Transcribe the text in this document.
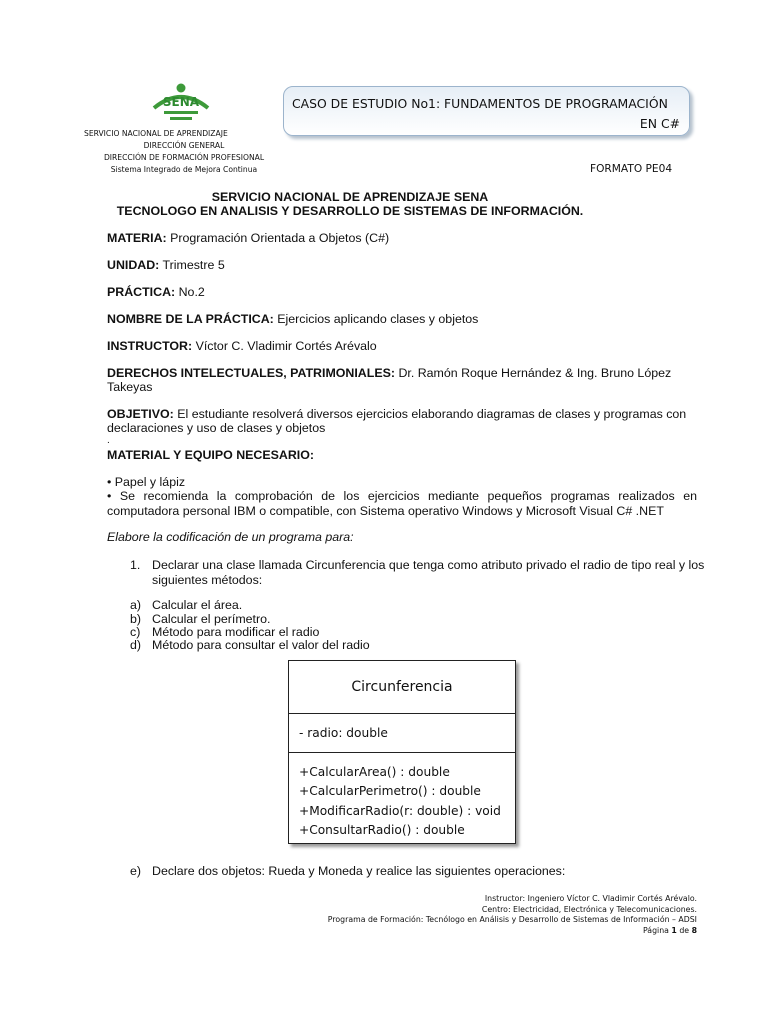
SENA
SERVICIO NACIONAL DE APRENDIZAJE
DIRECCIÓN GENERAL
DIRECCIÓN DE FORMACIÓN PROFESIONAL
Sistema Integrado de Mejora Continua
CASO DE ESTUDIO No1: FUNDAMENTOS DE PROGRAMACIÓN
EN C#
FORMATO PE04
SERVICIO NACIONAL DE APRENDIZAJE SENA
TECNOLOGO EN ANALISIS Y DESARROLLO DE SISTEMAS DE INFORMACIÓN.
MATERIA: Programación Orientada a Objetos (C#)
UNIDAD: Trimestre 5
PRÁCTICA: No.2
NOMBRE DE LA PRÁCTICA: Ejercicios aplicando clases y objetos
INSTRUCTOR: Víctor C. Vladimir Cortés Arévalo
DERECHOS INTELECTUALES, PATRIMONIALES: Dr. Ramón Roque Hernández & Ing. Bruno López
Takeyas
OBJETIVO: El estudiante resolverá diversos ejercicios elaborando diagramas de clases y programas con
declaraciones y uso de clases y objetos
.
MATERIAL Y EQUIPO NECESARIO:
• Papel y lápiz
• Se recomienda la comprobación de los ejercicios mediante pequeños programas realizados en computadora personal IBM o compatible, con Sistema operativo Windows y Microsoft Visual C# .NET
Elabore la codificación de un programa para:
1. Declarar una clase llamada Circunferencia que tenga como atributo privado el radio de tipo real y los siguientes métodos:
a) Calcular el área.
b) Calcular el perímetro.
c) Método para modificar el radio
d) Método para consultar el valor del radio
Circunferencia
- radio: double
+CalcularArea() : double
+CalcularPerimetro() : double
+ModificarRadio(r: double) : void
+ConsultarRadio() : double
e) Declare dos objetos: Rueda y Moneda y realice las siguientes operaciones:
Instructor: Ingeniero Víctor C. Vladimir Cortés Arévalo.
Centro: Electricidad, Electrónica y Telecomunicaciones.
Programa de Formación: Tecnólogo en Análisis y Desarrollo de Sistemas de Información – ADSI
Página 1 de 8
